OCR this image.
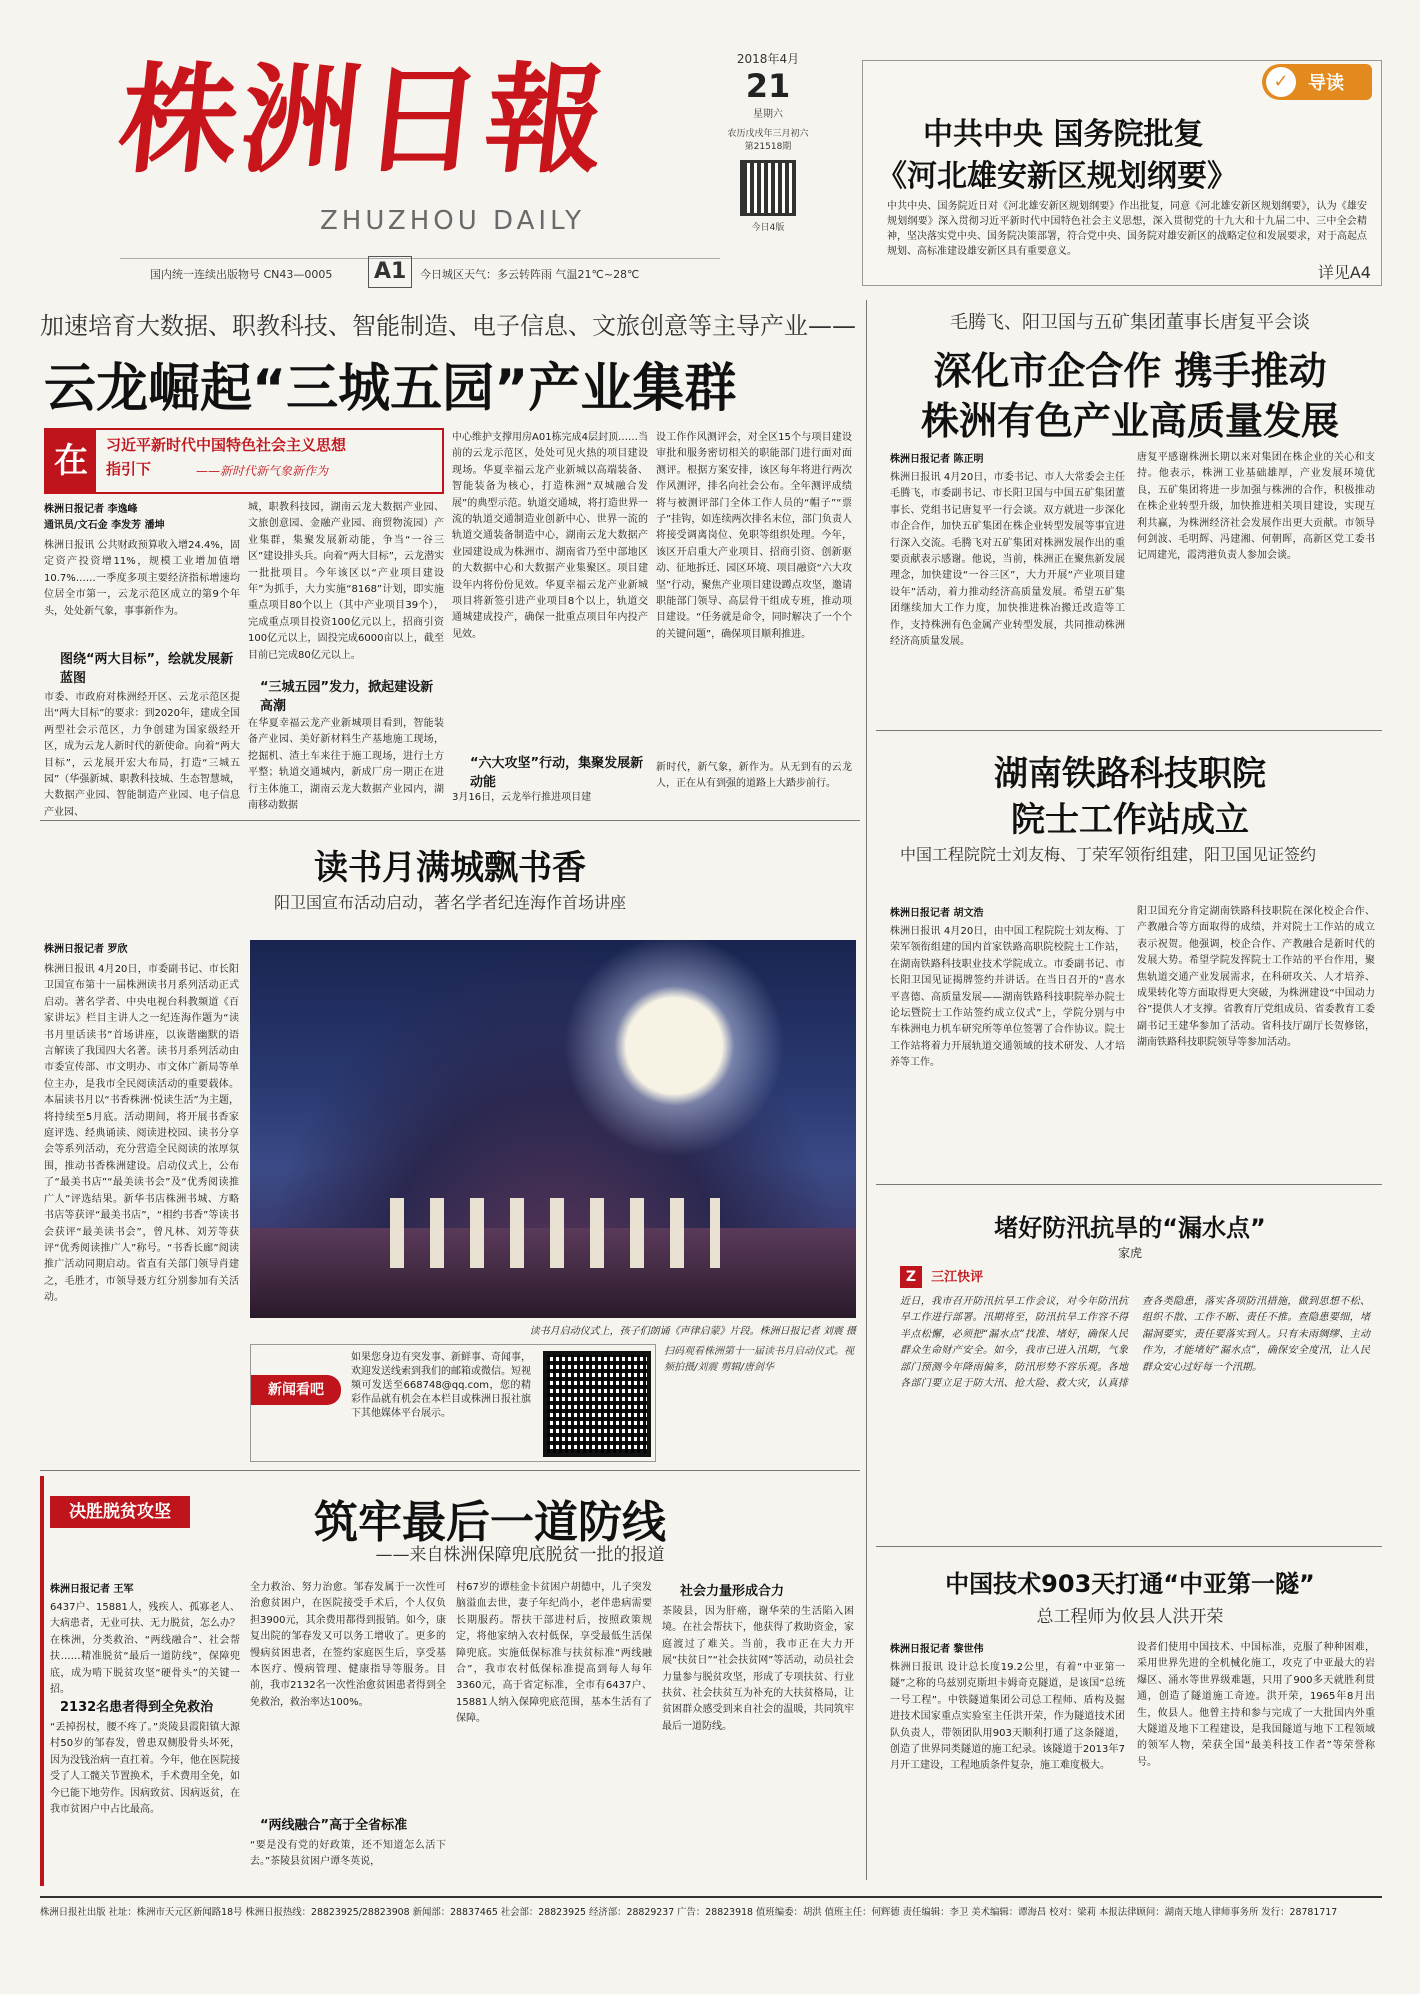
株洲日報
ZHUZHOU DAILY
国内统一连续出版物号 CN43—0005 A1	今日城区天气：多云转阵雨 气温21℃~28℃
2018年4月
21
星期六
农历戊戌年三月初六
第21518期
今日4版
中共中央 国务院批复
《河北雄安新区规划纲要》
中共中央、国务院近日对《河北雄安新区规划纲要》作出批复，同意《河北雄安新区规划纲要》，认为《雄安规划纲要》深入贯彻习近平新时代中国特色社会主义思想，深入贯彻党的十九大和十九届二中、三中全会精神，坚决落实党中央、国务院决策部署，符合党中央、国务院对雄安新区的战略定位和发展要求，对于高起点规划、高标准建设雄安新区具有重要意义。
详见A4
✓	导读
加速培育大数据、职教科技、智能制造、电子信息、文旅创意等主导产业——
云龙崛起“三城五园”产业集群
在	习近平新时代中国特色社会主义思想
指引下	——新时代新气象新作为
株洲日报记者 李逸峰
通讯员/文石金 李发芳 潘坤
株洲日报讯 公共财政预算收入增24.4%，固定资产投资增11%，规模工业增加值增10.7%……一季度多项主要经济指标增速均位居全市第一，云龙示范区成立的第9个年头，处处新气象，事事新作为。
图绕“两大目标”，绘就发展新蓝图
市委、市政府对株洲经开区、云龙示范区提出“两大目标”的要求：到2020年，建成全国两型社会示范区，力争创建为国家级经开区，成为云龙人新时代的新使命。向着“两大目标”，云龙展开宏大布局，打造“三城五园”（华强新城、职教科技城、生态智慧城，大数据产业园、智能制造产业园、电子信息产业园、
城，职教科技园，湖南云龙大数据产业园、文旅创意园、金融产业园、商贸物流园）产业集群，集聚发展新动能，争当“一谷三区”建设排头兵。向着“两大目标”，云龙潜实一批批项目。今年该区以“产业项目建设年”为抓手，大力实施“8168”计划，即实施重点项目80个以上（其中产业项目39个），完成重点项目投资100亿元以上，招商引资100亿元以上，固投完成6000亩以上，截至目前已完成80亿元以上。
“三城五园”发力，掀起建设新高潮
在华夏幸福云龙产业新城项目看到，智能装备产业园、美好新材料生产基地施工现场，挖掘机、渣土车来往于施工现场，进行土方平整；轨道交通城内，新成厂房一期正在进行主体施工，湖南云龙大数据产业园内，湖南移动数据
中心维护支撑用房A01栋完成4层封顶……当前的云龙示范区，处处可见火热的项目建设现场。华夏幸福云龙产业新城以高端装备、智能装备为核心，打造株洲“双城融合发展”的典型示范。轨道交通城，将打造世界一流的轨道交通制造业创新中心、世界一流的轨道交通装备制造中心，湖南云龙大数据产业园建设成为株洲市、湖南省乃至中部地区的大数据中心和大数据产业集聚区。项目建设年内将份份见效。华夏幸福云龙产业新城项目将新签引进产业项目8个以上，轨道交通城建成投产，确保一批重点项目年内投产见效。
“六大攻坚”行动，集聚发展新动能
3月16日，云龙举行推进项目建
设工作作风测评会，对全区15个与项目建设审批和服务密切相关的职能部门进行面对面测评。根据方案安排，该区每年将进行两次作风测评，排名向社会公布。全年测评成绩将与被测评部门全体工作人员的“帽子”“票子”挂钩，如连续两次排名末位，部门负责人将接受调离岗位、免职等组织处理。今年，该区开启重大产业项目、招商引资、创新驱动、征地拆迁、园区环境、项目融资“六大攻坚”行动，聚焦产业项目建设蹲点攻坚，邀请职能部门领导、高层骨干组成专班，推动项目建设。“任务就是命令，同时解决了一个个的关键问题”，确保项目顺利推进。
新时代，新气象，新作为。从无到有的云龙人，正在从有到强的道路上大踏步前行。
毛腾飞、阳卫国与五矿集团董事长唐复平会谈
深化市企合作 携手推动
株洲有色产业高质量发展
株洲日报记者 陈正明
株洲日报讯 4月20日，市委书记、市人大常委会主任毛腾飞，市委副书记、市长阳卫国与中国五矿集团董事长、党组书记唐复平一行会谈。双方就进一步深化市企合作，加快五矿集团在株企业转型发展等事宜进行深入交流。毛腾飞对五矿集团对株洲发展作出的重要贡献表示感谢。他说，当前，株洲正在聚焦新发展理念，加快建设“一谷三区”，大力开展“产业项目建设年”活动，着力推动经济高质量发展。希望五矿集团继续加大工作力度，加快推进株冶搬迁改造等工作，支持株洲有色金属产业转型发展，共同推动株洲经济高质量发展。
唐复平感谢株洲长期以来对集团在株企业的关心和支持。他表示，株洲工业基础雄厚，产业发展环境优良，五矿集团将进一步加强与株洲的合作，积极推动在株企业转型升级，加快推进相关项目建设，实现互利共赢，为株洲经济社会发展作出更大贡献。市领导何剑波、毛明辉、冯建湘、何朝晖，高新区党工委书记周建光，霞湾港负责人参加会谈。
湖南铁路科技职院
院士工作站成立
中国工程院院士刘友梅、丁荣军领衔组建，阳卫国见证签约
株洲日报记者 胡文浩
株洲日报讯 4月20日，由中国工程院院士刘友梅、丁荣军领衔组建的国内首家铁路高职院校院士工作站，在湖南铁路科技职业技术学院成立。市委副书记、市长阳卫国见证揭牌签约并讲话。在当日召开的“喜水平喜德、高质量发展——湖南铁路科技职院举办院士论坛暨院士工作站签约成立仪式”上，学院分别与中车株洲电力机车研究所等单位签署了合作协议。院士工作站将着力开展轨道交通领域的技术研发、人才培养等工作。
阳卫国充分肯定湖南铁路科技职院在深化校企合作、产教融合等方面取得的成绩，并对院士工作站的成立表示祝贺。他强调，校企合作、产教融合是新时代的发展大势。希望学院发挥院士工作站的平台作用，聚焦轨道交通产业发展需求，在科研攻关、人才培养、成果转化等方面取得更大突破，为株洲建设“中国动力谷”提供人才支撑。省教育厅党组成员、省委教育工委副书记王建华参加了活动。省科技厅副厅长贺修铭，湖南铁路科技职院领导等参加活动。
堵好防汛抗旱的“漏水点”
家虎
Z 三江快评
近日，我市召开防汛抗旱工作会议，对今年防汛抗旱工作进行部署。汛期将至，防汛抗旱工作容不得半点松懈，必须把“漏水点”找准、堵好，确保人民群众生命财产安全。如今，我市已进入汛期，气象部门预测今年降雨偏多，防汛形势不容乐观。各地各部门要立足于防大汛、抢大险、救大灾，认真排查各类隐患，落实各项防汛措施，做到思想不松、组织不散、工作不断、责任不推。查隐患要细，堵漏洞要实，责任要落实到人。只有未雨绸缪、主动作为，才能堵好“漏水点”，确保安全度汛，让人民群众安心过好每一个汛期。
中国技术903天打通“中亚第一隧”
总工程师为攸县人洪开荣
株洲日报记者 黎世伟
株洲日报讯 设计总长度19.2公里，有着“中亚第一隧”之称的乌兹别克斯坦卡姆奇克隧道，是该国“总统一号工程”。中铁隧道集团公司总工程师、盾构及掘进技术国家重点实验室主任洪开荣，作为隧道技术团队负责人，带领团队用903天顺利打通了这条隧道，创造了世界同类隧道的施工纪录。该隧道于2013年7月开工建设，工程地质条件复杂，施工难度极大。
设者们使用中国技术、中国标准，克服了种种困难，采用世界先进的全机械化施工，攻克了中亚最大的岩爆区、涌水等世界级难题，只用了900多天就胜利贯通，创造了隧道施工奇迹。洪开荣，1965年8月出生，攸县人。他曾主持和参与完成了一大批国内外重大隧道及地下工程建设，是我国隧道与地下工程领域的领军人物，荣获全国“最美科技工作者”等荣誉称号。
读书月满城飘书香
阳卫国宣布活动启动，著名学者纪连海作首场讲座
株洲日报记者 罗欣
株洲日报讯 4月20日，市委副书记、市长阳卫国宣布第十一届株洲读书月系列活动正式启动。著名学者、中央电视台科教频道《百家讲坛》栏目主讲人之一纪连海作题为“读书月里话读书”首场讲座，以诙谐幽默的语言解读了我国四大名著。读书月系列活动由市委宣传部、市文明办、市文体广新局等单位主办，是我市全民阅读活动的重要载体。本届读书月以“书香株洲·悦读生活”为主题，将持续至5月底。活动期间，将开展书香家庭评选、经典诵读、阅读进校园、读书分享会等系列活动，充分营造全民阅读的浓厚氛围，推动书香株洲建设。启动仪式上，公布了“最美书店”“最美读书会”及“优秀阅读推广人”评选结果。新华书店株洲书城、方略书店等获评“最美书店”，“相约书香”等读书会获评“最美读书会”，曾凡林、刘芳等获评“优秀阅读推广人”称号。“书香长廊”阅读推广活动同期启动。省直有关部门领导肖建之，毛胜才，市领导聂方红分别参加有关活动。
读书月启动仪式上，孩子们朗诵《声律启蒙》片段。株洲日报记者 刘震 摄
新闻看吧
如果您身边有突发事、新鲜事、奇闻事，欢迎发送线索到我们的邮箱或微信。短视频可发送至668748@qq.com，您的精彩作品就有机会在本栏目或株洲日报社旗下其他媒体平台展示。
扫码观看株洲第十一届读书月启动仪式。视频拍摄/刘震 剪辑/唐剑华
决胜脱贫攻坚	筑牢最后一道防线
——来自株洲保障兜底脱贫一批的报道
株洲日报记者 王军
6437户、15881人，残疾人、孤寡老人、大病患者，无业可扶、无力脱贫，怎么办？在株洲，分类救治、“两线融合”、社会帮扶……精准脱贫“最后一道防线”，保障兜底，成为啃下脱贫攻坚“硬骨头”的关键一招。
2132名患者得到全免救治
“丢掉拐杖，腰不疼了。”炎陵县霞阳镇大源村50岁的邹春发，曾患双侧股骨头坏死，因为没钱治病一直扛着。今年，他在医院接受了人工髋关节置换术，手术费用全免，如今已能下地劳作。因病致贫、因病返贫，在我市贫困户中占比最高。
全力救治、努力治愈。邹春发属于一次性可治愈贫困户，在医院接受手术后，个人仅负担3900元，其余费用都得到报销。如今，康复出院的邹春发又可以务工增收了。更多的慢病贫困患者，在签约家庭医生后，享受基本医疗、慢病管理、健康指导等服务。目前，我市2132名一次性治愈贫困患者得到全免救治，救治率达100%。
“两线融合”高于全省标准
“要是没有党的好政策，还不知道怎么活下去。”茶陵县贫困户谭冬英说，
村67岁的谭桂金卡贫困户胡德中，儿子突发脑溢血去世，妻子年纪尚小，老伴患病需要长期服药。帮扶干部进村后，按照政策规定，将他家纳入农村低保，享受最低生活保障兜底。实施低保标准与扶贫标准“两线融合”，我市农村低保标准提高到每人每年3360元，高于省定标准，全市有6437户、15881人纳入保障兜底范围，基本生活有了保障。
社会力量形成合力
茶陵县，因为肝癌，谢华荣的生活陷入困境。在社会帮扶下，他获得了救助资金，家庭渡过了难关。当前，我市正在大力开展“扶贫日”“社会扶贫网”等活动，动员社会力量参与脱贫攻坚，形成了专项扶贫、行业扶贫、社会扶贫互为补充的大扶贫格局，让贫困群众感受到来自社会的温暖，共同筑牢最后一道防线。
株洲日报社出版 社址：株洲市天元区新闻路18号 株洲日报热线：28823925/28823908 新闻部：28837465 社会部：28823925 经济部：28829237 广告：28823918 值班编委：胡洪 值班主任：何辉德 责任编辑：李卫 美术编辑：谭海昌 校对：梁莉 本报法律顾问：湖南天地人律师事务所 发行：28781717
